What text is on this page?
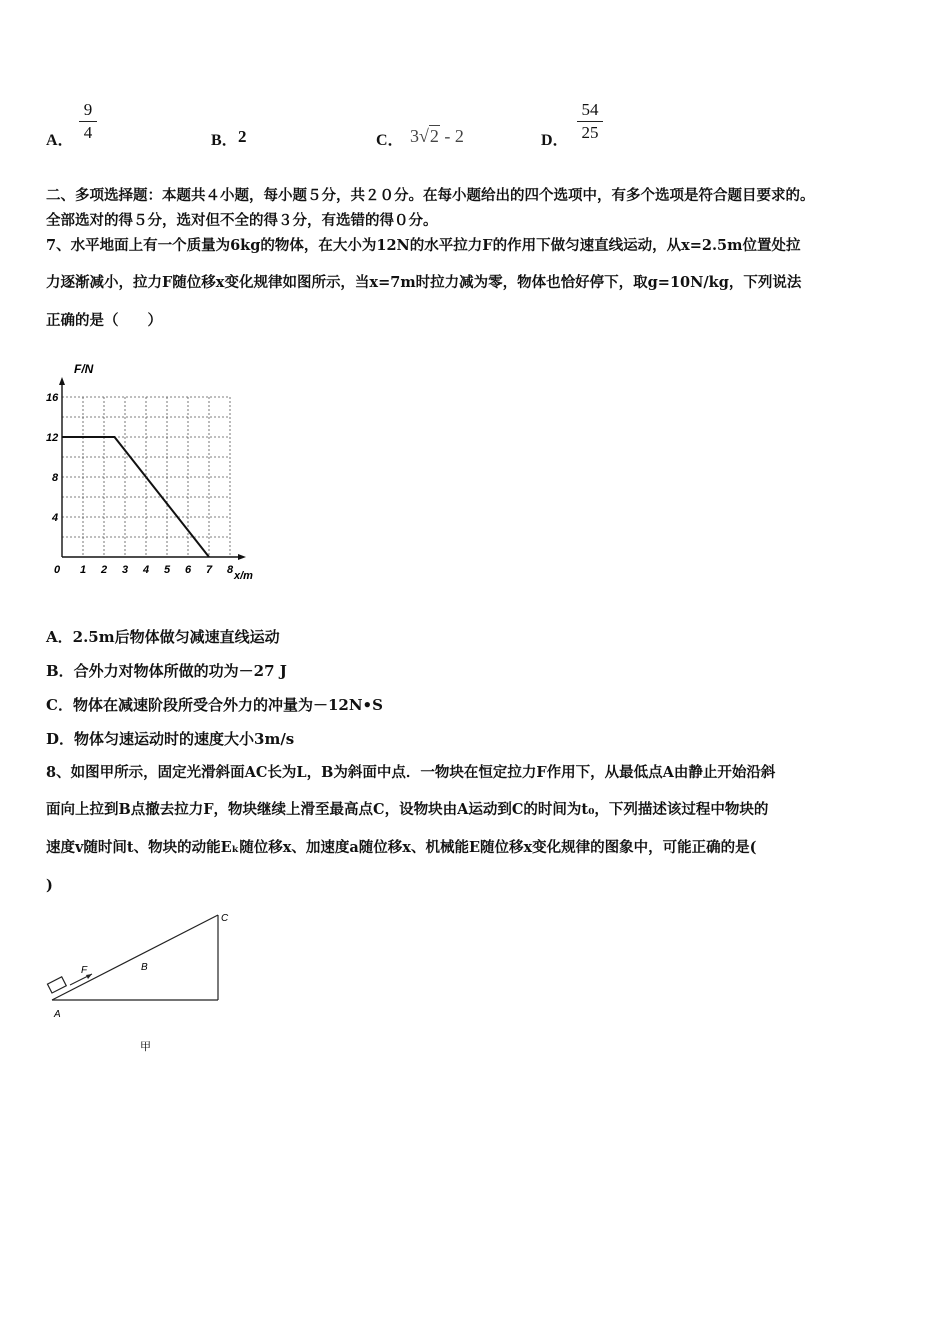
A．
9
4	B． 2	C． 3√2 - 2	D．
54
25
二、多项选择题：本题共４小题，每小题５分，共２０分。在每小题给出的四个选项中，有多个选项是符合题目要求的。
全部选对的得５分，选对但不全的得３分，有选错的得０分。
7、水平地面上有一个质量为6kg的物体，在大小为12N的水平拉力F的作用下做匀速直线运动，从x=2.5m位置处拉
力逐渐减小，拉力F随位移x变化规律如图所示，当x=7m时拉力减为零，物体也恰好停下，取g=10N/kg，下列说法
正确的是（　　）
0 1 2 3 4 5 6 7 8
4
8
12
16
F/N
x/m
A．2.5m后物体做匀减速直线运动
B．合外力对物体所做的功为－27 J
C．物体在减速阶段所受合外力的冲量为－12N•S
D．物体匀速运动时的速度大小3m/s
8、如图甲所示，固定光滑斜面AC长为L，B为斜面中点．一物块在恒定拉力F作用下，从最低点A由静止开始沿斜
面向上拉到B点撤去拉力F，物块继续上滑至最高点C，设物块由A运动到C的时间为t₀，下列描述该过程中物块的
速度v随时间t、物块的动能Eₖ随位移x、加速度a随位移x、机械能E随位移x变化规律的图象中，可能正确的是(
)
A
B
C
F
甲
